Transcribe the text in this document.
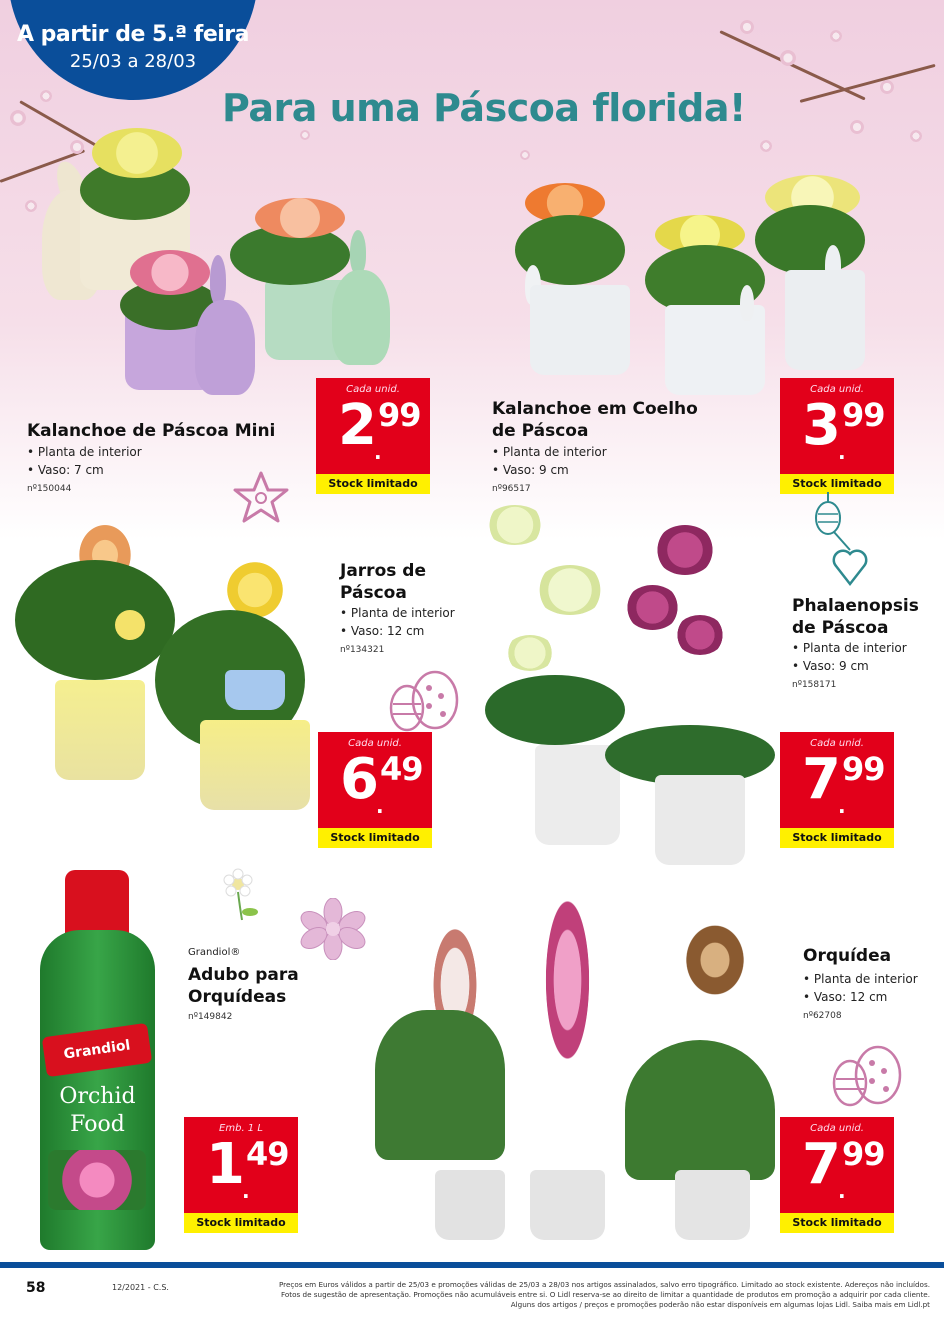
A partir de 5.ª feira
25/03 a 28/03
Para uma Páscoa florida!
Kalanchoe de Páscoa Mini
• Planta de interior
• Vaso: 7 cm
nº150044
Cada unid.
2 .
99
Stock limitado
Kalanchoe em Coelho
de Páscoa
• Planta de interior
• Vaso: 9 cm
nº96517
Cada unid.
3 .
99
Stock limitado
Jarros de
Páscoa
• Planta de interior
• Vaso: 12 cm
nº134321
Cada unid.
6 .
49
Stock limitado
Phalaenopsis
de Páscoa
• Planta de interior
• Vaso: 9 cm
nº158171
Cada unid.
7 .
99
Stock limitado
Grandiol
Orchid
Food
Grandiol®
Adubo para
Orquídeas
nº149842
Emb. 1 L
1 .
49
Stock limitado
Orquídea
• Planta de interior
• Vaso: 12 cm
nº62708
Cada unid.
7 .
99
Stock limitado
58	12/2021 - C.S.	Preços em Euros válidos a partir de 25/03 e promoções válidas de 25/03 a 28/03 nos artigos assinalados, salvo erro tipográfico. Limitado ao stock existente. Adereços não incluídos.
Fotos de sugestão de apresentação. Promoções não acumuláveis entre si. O Lidl reserva-se ao direito de limitar a quantidade de produtos em promoção a adquirir por cada cliente.
Alguns dos artigos / preços e promoções poderão não estar disponíveis em algumas lojas Lidl. Saiba mais em Lidl.pt
